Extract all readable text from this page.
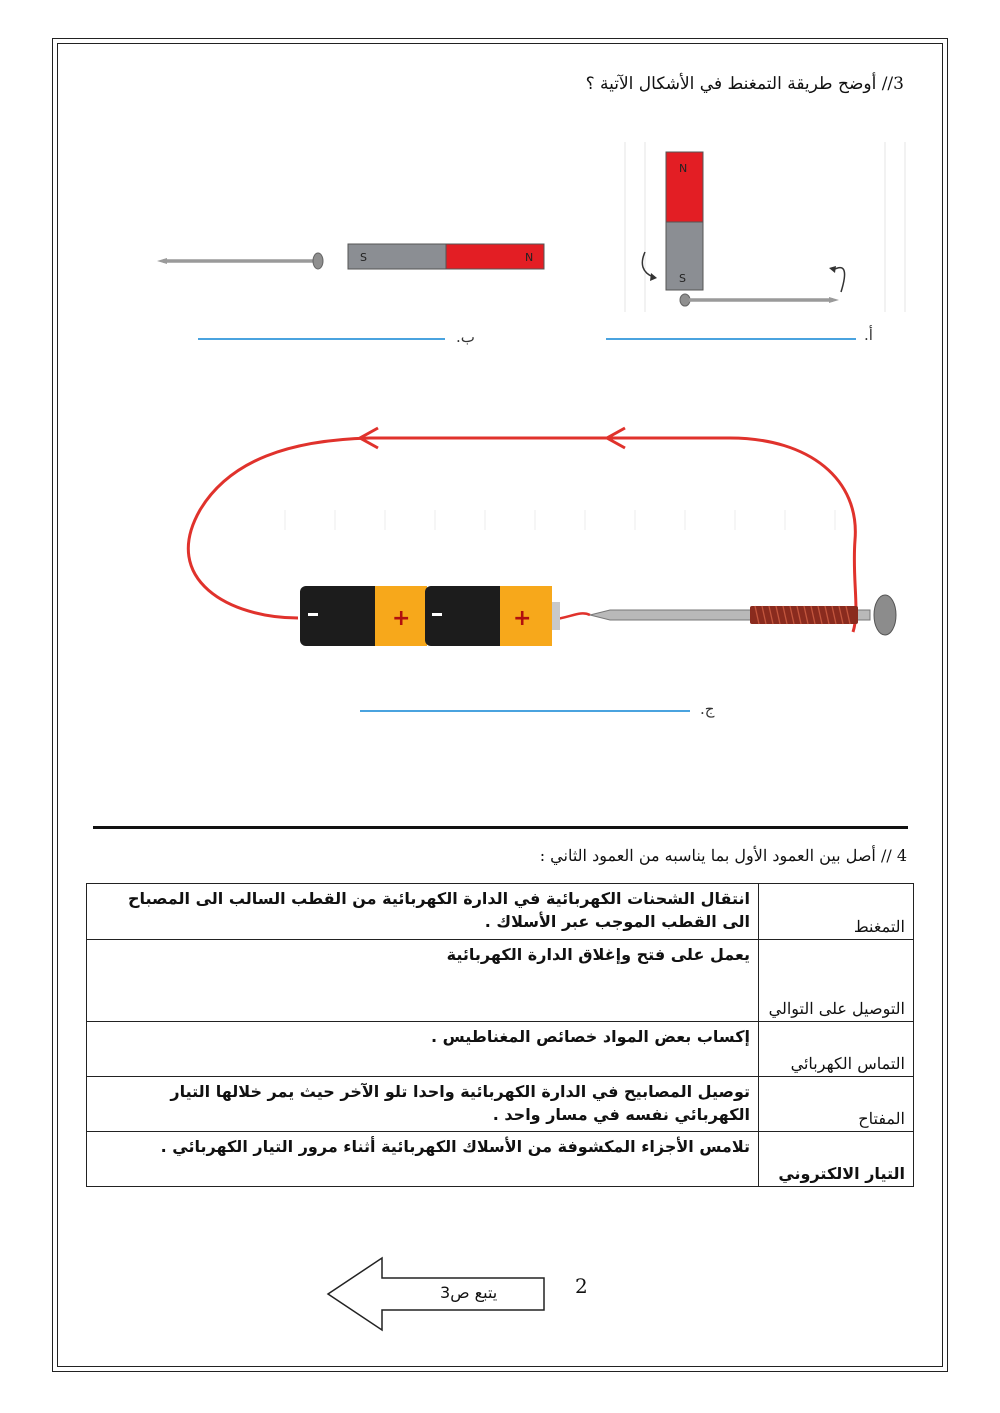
3// أوضح طريقة التمغنط في الأشكال الآتية ؟
S	N
N
S
ب.	أ.
+	+
ج.
4 // أصل بين العمود الأول بما يناسبه من العمود الثاني :
التمغنط	انتقال الشحنات الكهربائية في الدارة الكهربائية من القطب السالب الى المصباح الى القطب الموجب عبر الأسلاك .
التوصيل على التوالي	يعمل على فتح وإغلاق الدارة الكهربائية
التماس الكهربائي	إكساب بعض المواد خصائص المغناطيس .
المفتاح	توصيل المصابيح في الدارة الكهربائية واحدا تلو الآخر حيث يمر خلالها التيار الكهربائي نفسه في مسار واحد .
التيار الالكتروني	تلامس الأجزاء المكشوفة من الأسلاك الكهربائية أثناء مرور التيار الكهربائي .
2
يتبع ص3
